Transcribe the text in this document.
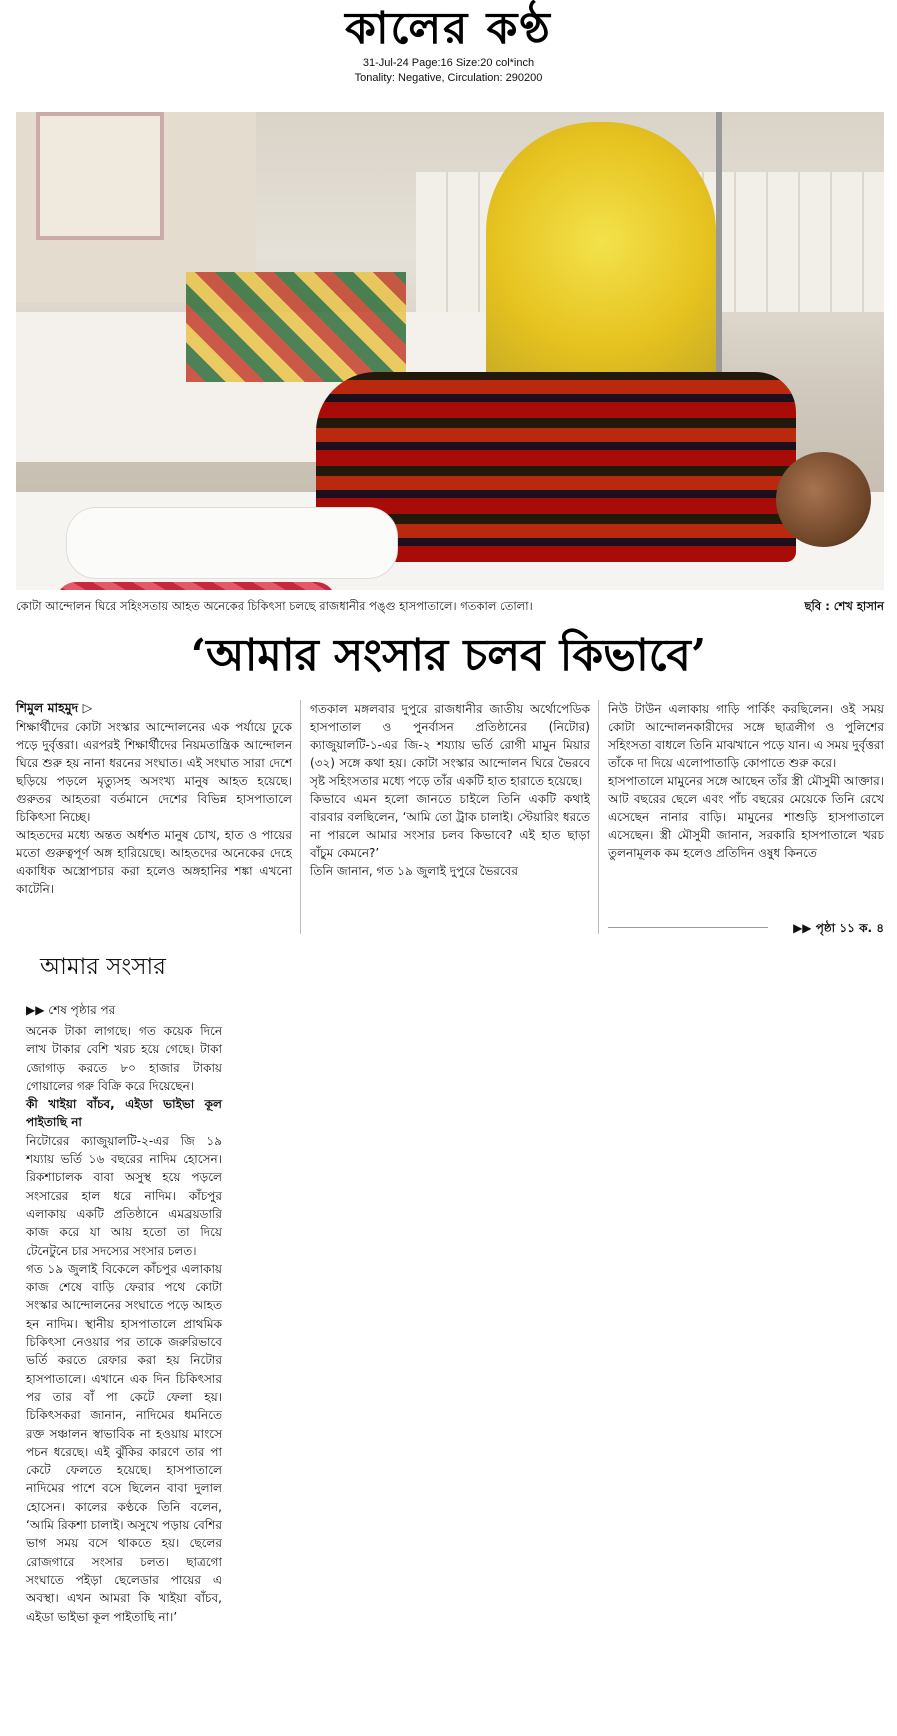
কালের কণ্ঠ
31-Jul-24 Page:16 Size:20 col*inch
Tonality: Negative, Circulation: 290200
কোটা আন্দোলন ঘিরে সহিংসতায় আহত অনেকের চিকিৎসা চলছে রাজধানীর পঙ্গু হাসপাতালে। গতকাল তোলা।	ছবি : শেখ হাসান
‘আমার সংসার চলব কিভাবে’
শিমুল মাহমুদ ▷

শিক্ষার্থীদের কোটা সংস্কার আন্দোলনের এক পর্যায়ে ঢুকে পড়ে দুর্বৃত্তরা। এরপরই শিক্ষার্থীদের নিয়মতান্ত্রিক আন্দোলন ঘিরে শুরু হয় নানা ধরনের সংঘাত। এই সংঘাত সারা দেশে ছড়িয়ে পড়লে মৃত্যুসহ অসংখ্য মানুষ আহত হয়েছে। গুরুতর আহতরা বর্তমানে দেশের বিভিন্ন হাসপাতালে চিকিৎসা নিচ্ছে।

আহতদের মধ্যে অন্তত অর্ধশত মানুষ চোখ, হাত ও পায়ের মতো গুরুত্বপূর্ণ অঙ্গ হারিয়েছে। আহতদের অনেকের দেহে একাধিক অস্ত্রোপচার করা হলেও অঙ্গহানির শঙ্কা এখনো কাটেনি।

গতকাল মঙ্গলবার দুপুরে রাজধানীর জাতীয় অর্থোপেডিক হাসপাতাল ও পুনর্বাসন প্রতিষ্ঠানের (নিটোর) ক্যাজুয়ালটি-১-এর জি-২ শয্যায় ভর্তি রোগী মামুন মিয়ার (৩২) সঙ্গে কথা হয়। কোটা সংস্কার আন্দোলন ঘিরে ভৈরবে সৃষ্ট সহিংসতার মধ্যে পড়ে তাঁর একটি হাত হারাতে হয়েছে।

কিভাবে এমন হলো জানতে চাইলে তিনি একটি কথাই বারবার বলছিলেন, ‘আমি তো ট্রাক চালাই। স্টেয়ারিং ধরতে না পারলে আমার সংসার চলব কিভাবে? এই হাত ছাড়া বাঁচুম কেমনে?’

তিনি জানান, গত ১৯ জুলাই দুপুরে ভৈরবের

নিউ টাউন এলাকায় গাড়ি পার্কিং করছিলেন। ওই সময় কোটা আন্দোলনকারীদের সঙ্গে ছাত্রলীগ ও পুলিশের সহিংসতা বাধলে তিনি মাঝখানে পড়ে যান। এ সময় দুর্বৃত্তরা তাঁকে দা দিয়ে এলোপাতাড়ি কোপাতে শুরু করে।

হাসপাতালে মামুনের সঙ্গে আছেন তাঁর স্ত্রী মৌসুমী আক্তার। আট বছরের ছেলে এবং পাঁচ বছরের মেয়েকে তিনি রেখে এসেছেন নানার বাড়ি। মামুনের শাশুড়ি হাসপাতালে এসেছেন। স্ত্রী মৌসুমী জানান, সরকারি হাসপাতালে খরচ তুলনামূলক কম হলেও প্রতিদিন ওষুধ কিনতে

▶▶ পৃষ্ঠা ১১ ক. ৪
আমার সংসার
▶▶ শেষ পৃষ্ঠার পর

অনেক টাকা লাগছে। গত কয়েক দিনে লাখ টাকার বেশি খরচ হয়ে গেছে। টাকা জোগাড় করতে ৮০ হাজার টাকায় গোয়ালের গরু বিক্রি করে দিয়েছেন।

কী খাইয়া বাঁচব, এইডা ভাইভা কূল পাইতাছি না

নিটোরের ক্যাজুয়ালটি-২-এর জি ১৯ শয্যায় ভর্তি ১৬ বছরের নাদিম হোসেন। রিকশাচালক বাবা অসুস্থ হয়ে পড়লে সংসারের হাল ধরে নাদিম। কাঁচপুর এলাকায় একটি প্রতিষ্ঠানে এমব্রয়ডারি কাজ করে যা আয় হতো তা দিয়ে টেনেটুনে চার সদস্যের সংসার চলত।

গত ১৯ জুলাই বিকেলে কাঁচপুর এলাকায় কাজ শেষে বাড়ি ফেরার পথে কোটা সংস্কার আন্দোলনের সংঘাতে পড়ে আহত হন নাদিম। স্থানীয় হাসপাতালে প্রাথমিক চিকিৎসা নেওয়ার পর তাকে জরুরিভাবে ভর্তি করতে রেফার করা হয় নিটোর হাসপাতালে। এখানে এক দিন চিকিৎসার পর তার বাঁ পা কেটে ফেলা হয়। চিকিৎসকরা জানান, নাদিমের ধমনিতে রক্ত সঞ্চালন স্বাভাবিক না হওয়ায় মাংসে পচন ধরেছে। এই ঝুঁকির কারণে তার পা কেটে ফেলতে হয়েছে। হাসপাতালে নাদিমের পাশে বসে ছিলেন বাবা দুলাল হোসেন। কালের কণ্ঠকে তিনি বলেন, ‘আমি রিকশা চালাই। অসুখে পড়ায় বেশির ভাগ সময় বসে থাকতে হয়। ছেলের রোজগারে সংসার চলত। ছাত্রগো সংঘাতে পইড়া ছেলেডার পায়ের এ অবস্থা। এখন আমরা কি খাইয়া বাঁচব, এইডা ভাইভা কূল পাইতাছি না।’
